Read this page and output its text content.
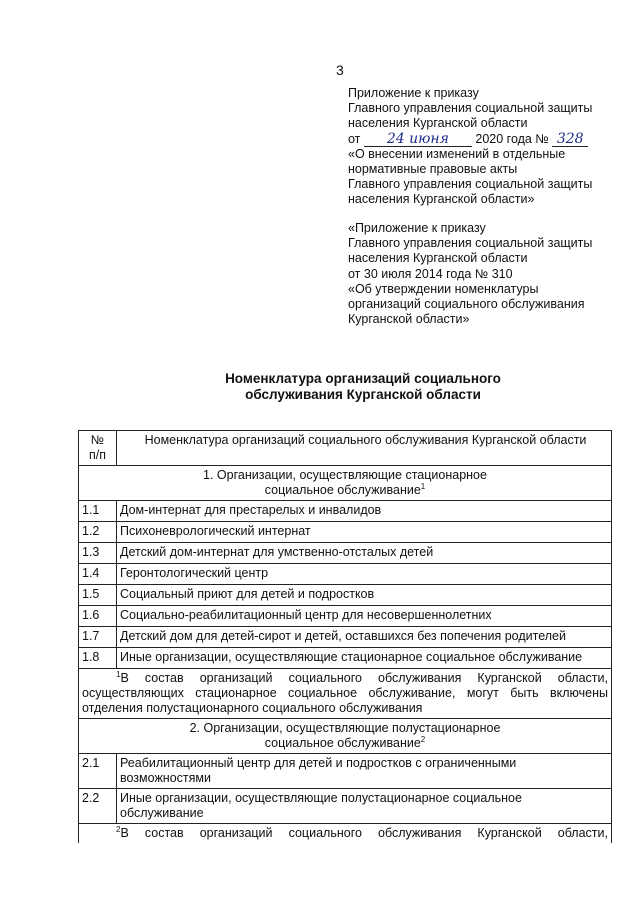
3
Приложение к приказу
Главного управления социальной защиты
населения Курганской области
от 24 июня 2020 года № 328
«О внесении изменений в отдельные
нормативные правовые акты
Главного управления социальной защиты
населения Курганской области»
«Приложение к приказу
Главного управления социальной защиты
населения Курганской области
от 30 июля 2014 года № 310
«Об утверждении номенклатуры
организаций социального обслуживания
Курганской области»
Номенклатура организаций социального
обслуживания Курганской области
№
п/п	Номенклатура организаций социального обслуживания Курганской области

1. Организации, осуществляющие стационарное
социальное обслуживание$^1$

1.1	Дом-интернат для престарелых и инвалидов
1.2	Психоневрологический интернат
1.3	Детский дом-интернат для умственно-отсталых детей
1.4	Геронтологический центр
1.5	Социальный приют для детей и подростков
1.6	Социально-реабилитационный центр для несовершеннолетних
1.7	Детский дом для детей-сирот и детей, оставшихся без попечения родителей
1.8	Иные организации, осуществляющие стационарное социальное обслуживание
$^1$В состав организаций социального обслуживания Курганской области, осуществляющих стационарное социальное обслуживание, могут быть включены отделения полустационарного социального обслуживания	

2. Организации, осуществляющие полустационарное
социальное обслуживание$^2$

2.1	Реабилитационный центр для детей и подростков с ограниченными возможностями
2.2	Иные организации, осуществляющие полустационарное социальное обслуживание
$^2$В состав организаций социального обслуживания Курганской области,	
